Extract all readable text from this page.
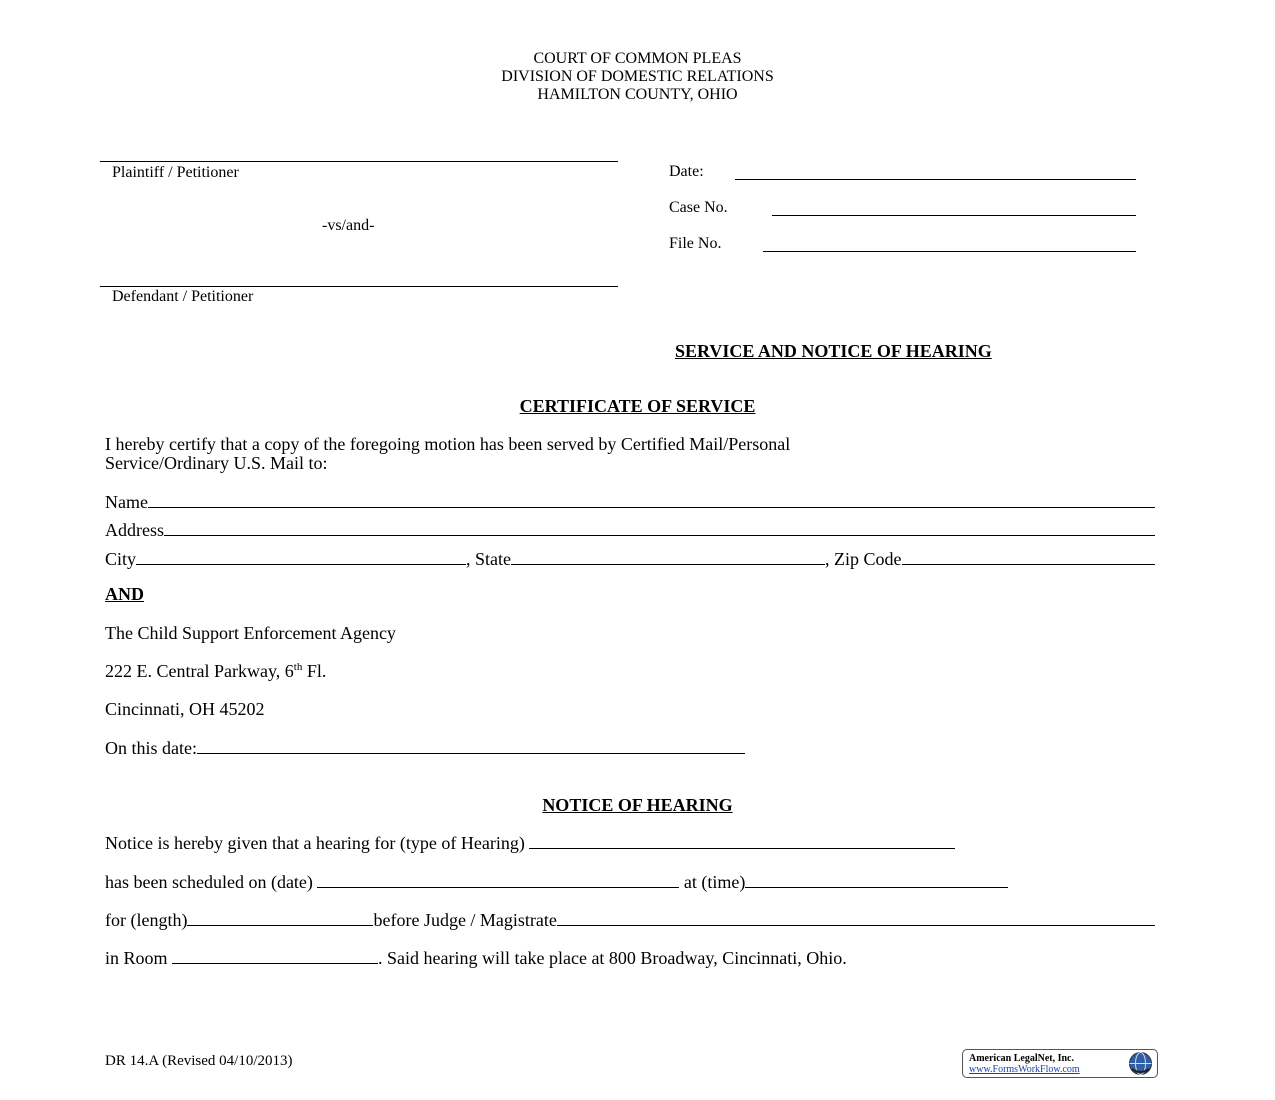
COURT OF COMMON PLEAS
DIVISION OF DOMESTIC RELATIONS
HAMILTON COUNTY, OHIO
Plaintiff / Petitioner
-vs/and-
Defendant / Petitioner
Date:
Case No.
File No.
SERVICE AND NOTICE OF HEARING
CERTIFICATE OF SERVICE
I hereby certify that a copy of the foregoing motion has been served by Certified Mail/Personal
Service/Ordinary U.S. Mail to:
Name
Address
City	, State	, Zip Code
AND
The Child Support Enforcement Agency
222 E. Central Parkway, 6th Fl.
Cincinnati, OH 45202
On this date:
NOTICE OF HEARING
Notice is hereby given that a hearing for (type of Hearing)
has been scheduled on (date)	at (time)
for (length)	before Judge / Magistrate
in Room	. Said hearing will take place at 800 Broadway, Cincinnati, Ohio.
DR 14.A (Revised 04/10/2013)	American LegalNet, Inc.
www.FormsWorkFlow.com
